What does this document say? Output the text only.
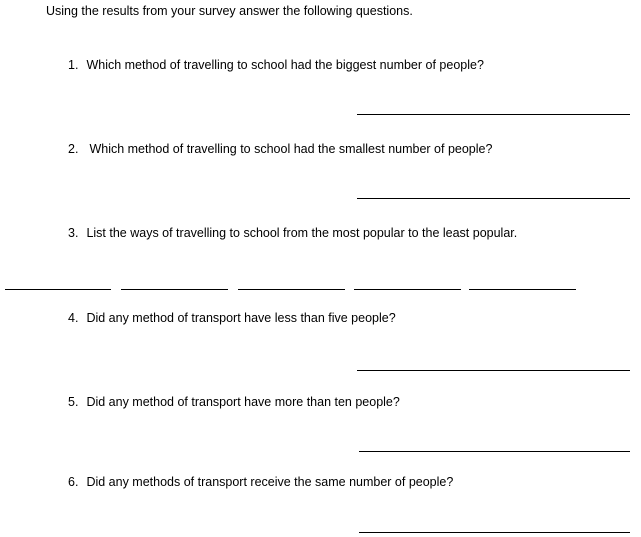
Using the results from your survey answer the following questions.
1. Which method of travelling to school had the biggest number of people?
2. Which method of travelling to school had the smallest number of people?
3. List the ways of travelling to school from the most popular to the least popular.
4. Did any method of transport have less than five people?
5. Did any method of transport have more than ten people?
6. Did any methods of transport receive the same number of people?
